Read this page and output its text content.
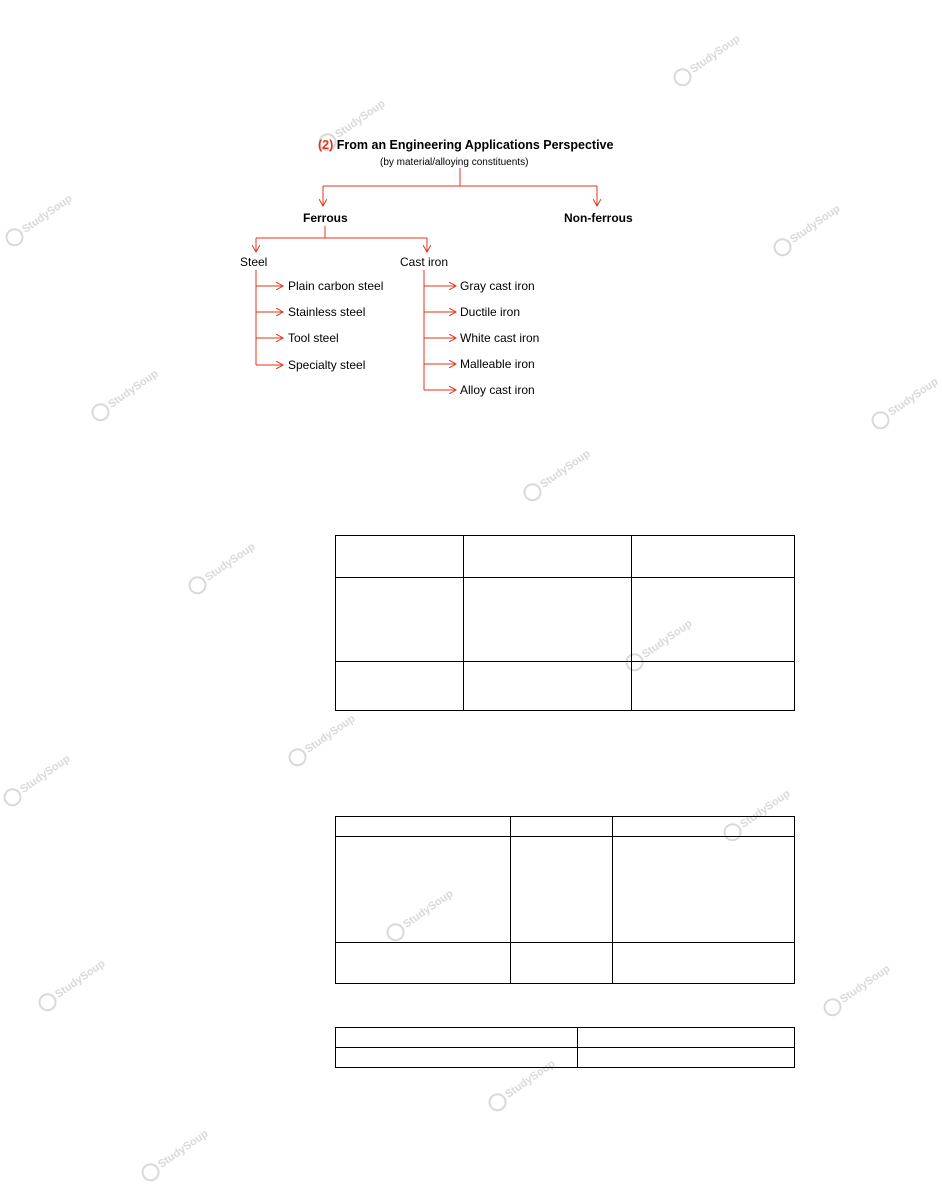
StudySoup
StudySoup
StudySoup	StudySoup
StudySoup
StudySoup
StudySoup
StudySoup
StudySoup
StudySoup
StudySoup
StudySoup
StudySoup
StudySoup	StudySoup
StudySoup
StudySoup
(2) From an Engineering Applications Perspective
(by material/alloying constituents)
Ferrous	Non-ferrous
Steel	Cast iron
Plain carbon steel
Stainless steel
Tool steel
Specialty steel
Gray cast iron
Ductile iron
White cast iron
Malleable iron
Alloy cast iron
